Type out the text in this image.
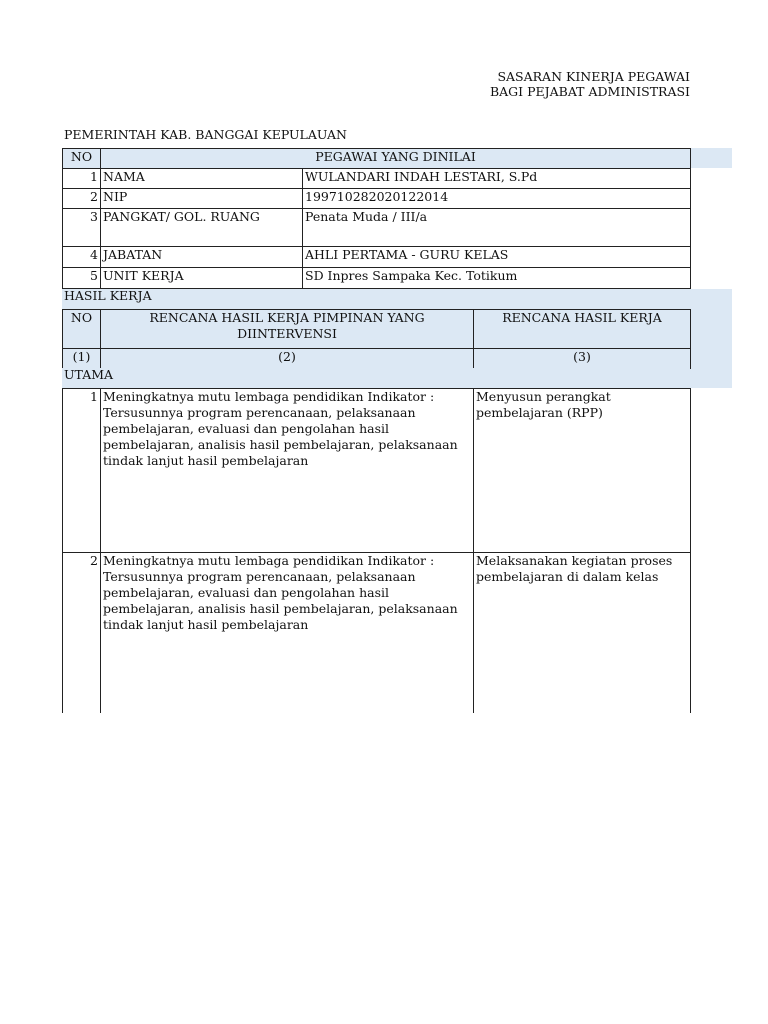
SASARAN KINERJA PEGAWAI
BAGI PEJABAT ADMINISTRASI
PEMERINTAH KAB. BANGGAI KEPULAUAN
NO	PEGAWAI YANG DINILAI	
1	NAMA	WULANDARI INDAH LESTARI, S.Pd
2	NIP	199710282020122014
3	PANGKAT/ GOL. RUANG	Penata Muda / III/a
4	JABATAN	AHLI PERTAMA - GURU KELAS
5	UNIT KERJA	SD Inpres Sampaka Kec. Totikum
HASIL KERJA
NO	RENCANA HASIL KERJA PIMPINAN YANG DIINTERVENSI	RENCANA HASIL KERJA
(1)	(2)	(3)
UTAMA
1	Meningkatnya mutu lembaga pendidikan Indikator : Tersusunnya program perencanaan, pelaksanaan pembelajaran, evaluasi dan pengolahan hasil pembelajaran, analisis hasil pembelajaran, pelaksanaan tindak lanjut hasil pembelajaran	Menyusun perangkat pembelajaran (RPP)
2	Meningkatnya mutu lembaga pendidikan Indikator : Tersusunnya program perencanaan, pelaksanaan pembelajaran, evaluasi dan pengolahan hasil pembelajaran, analisis hasil pembelajaran, pelaksanaan tindak lanjut hasil pembelajaran	Melaksanakan kegiatan proses pembelajaran di dalam kelas
